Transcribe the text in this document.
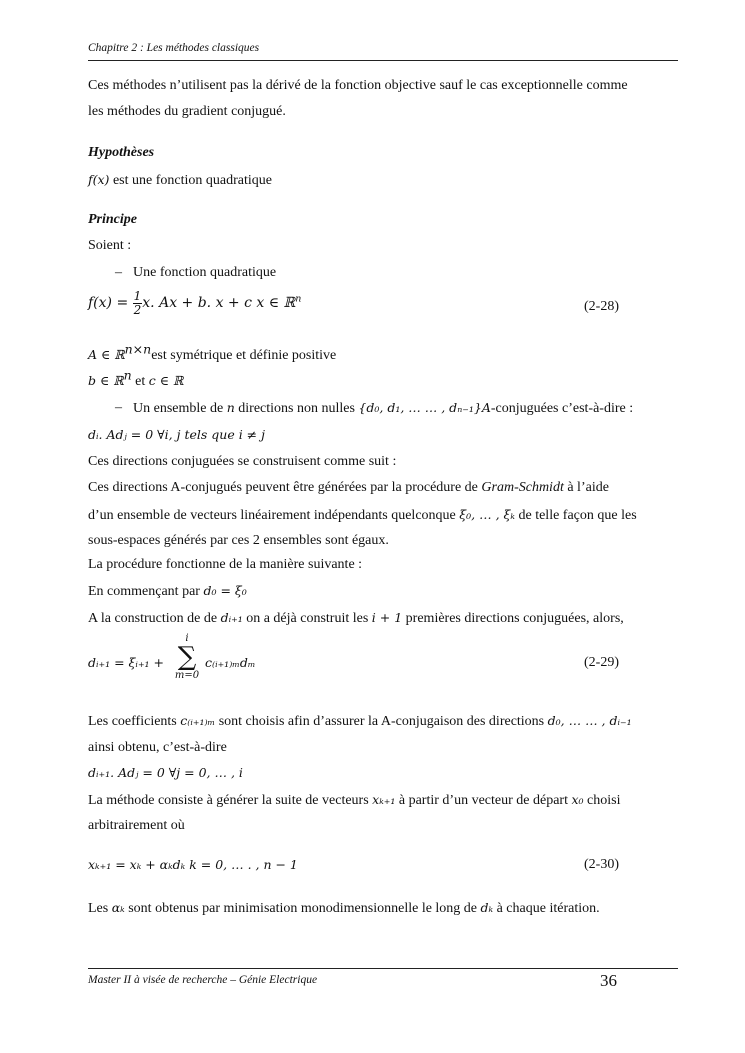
Chapitre 2 : Les méthodes classiques
Ces méthodes n’utilisent pas la dérivé de la fonction objective sauf le cas exceptionnelle comme
les méthodes du gradient conjugué.
Hypothèses
f(x) est une fonction quadratique
Principe
Soient :
– Une fonction quadratique
$f(x) = \frac{1}{2} x$. Ax + b. x + c x ∈ ℝ$^n$
(2-28)
A ∈ ℝ$^{n\times n}$est symétrique et définie positive
b ∈ ℝ$^n$ et c ∈ ℝ
– Un ensemble de n directions non nulles {d₀, d₁, … … , dₙ₋₁}A-conjuguées c’est-à-dire :
dᵢ. Adⱼ = 0 ∀i, j tels que i ≠ j
Ces directions conjuguées se construisent comme suit :
Ces directions A-conjugués peuvent être générées par la procédure de Gram-Schmidt à l’aide
d’un ensemble de vecteurs linéairement indépendants quelconque ξ₀, … , ξₖ de telle façon que les
sous-espaces générés par ces 2 ensembles sont égaux.
La procédure fonctionne de la manière suivante :
En commençant par d₀ = ξ₀
A la construction de de dᵢ₊₁ on a déjà construit les i + 1 premières directions conjuguées, alors,
dᵢ₊₁ = ξᵢ₊₁ +
i
∑
m=0
c₍ᵢ₊₁₎ₘdₘ	(2-29)
Les coefficients c₍ᵢ₊₁₎ₘ sont choisis afin d’assurer la A-conjugaison des directions d₀, … … , dᵢ₋₁
ainsi obtenu, c’est-à-dire
dᵢ₊₁. Adⱼ = 0 ∀j = 0, … , i
La méthode consiste à générer la suite de vecteurs xₖ₊₁ à partir d’un vecteur de départ x₀ choisi
arbitrairement où
xₖ₊₁ = xₖ + αₖdₖ k = 0, … . , n − 1	(2-30)
Les αₖ sont obtenus par minimisation monodimensionnelle le long de dₖ à chaque itération.
Master II à visée de recherche – Génie Electrique	36
